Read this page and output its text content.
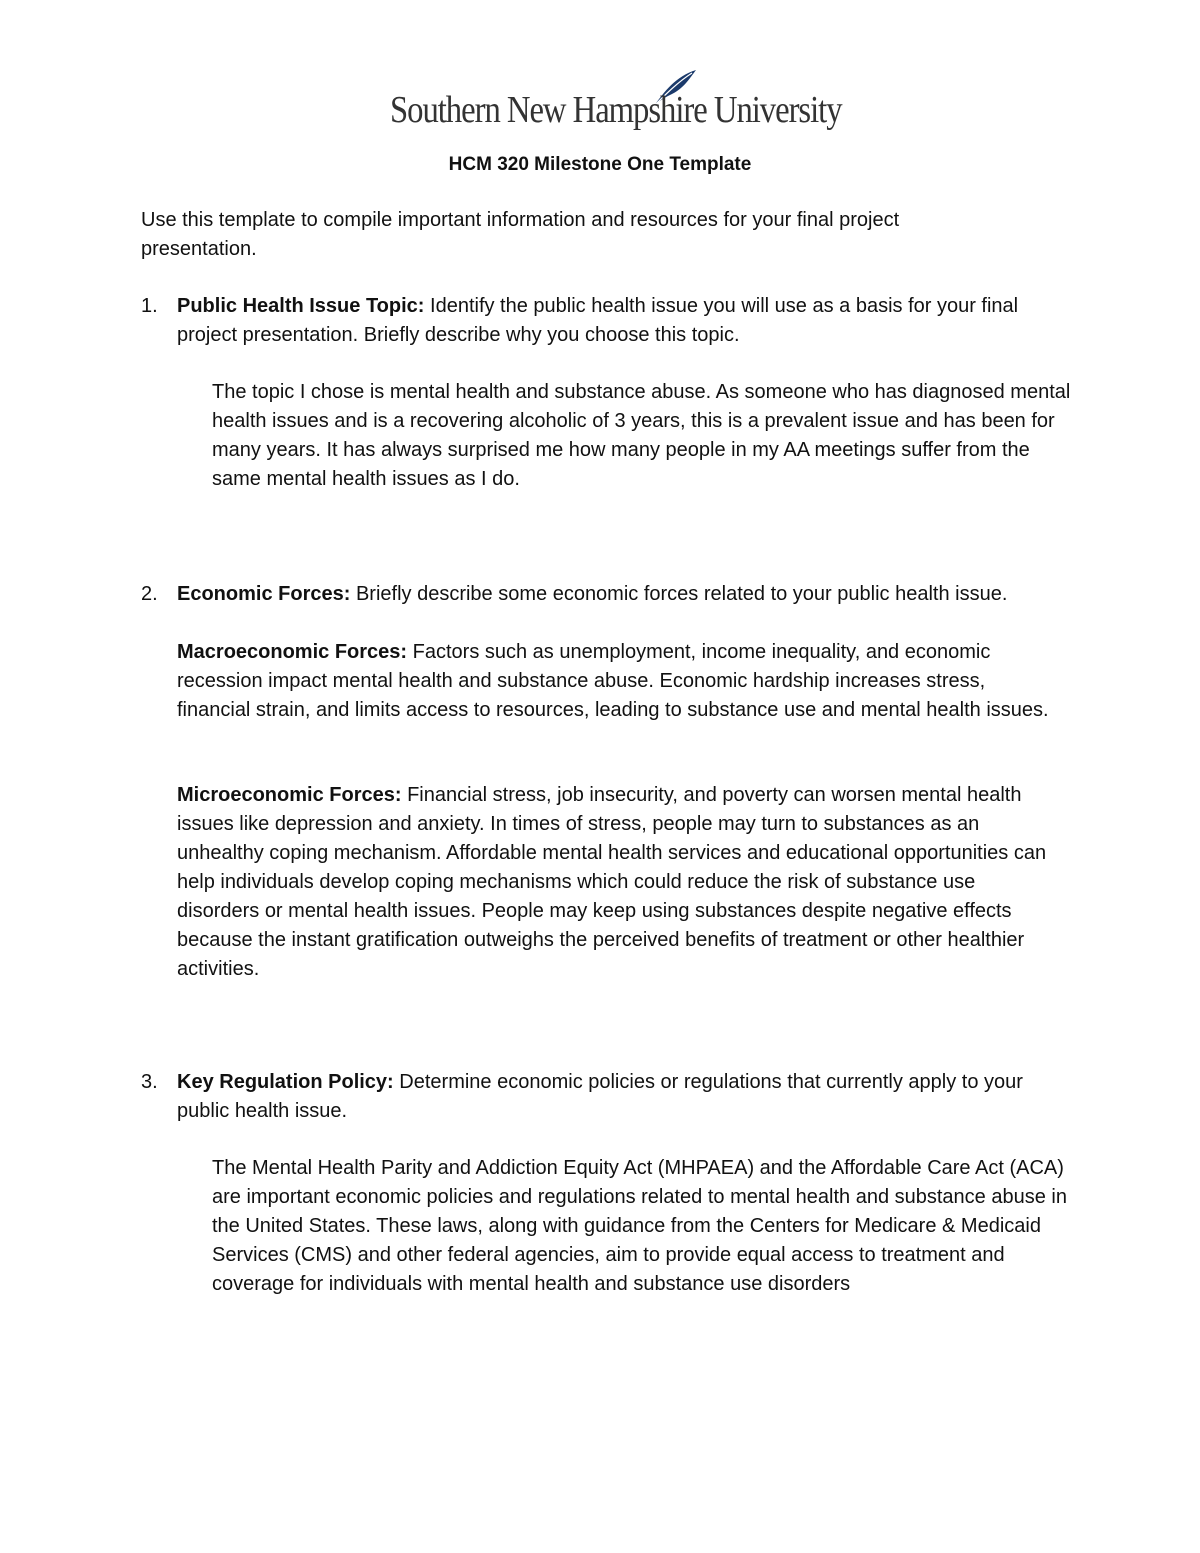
Southern New Hampshire University
HCM 320 Milestone One Template

Use this template to compile important information and resources for your final project presentation.

1. Public Health Issue Topic: Identify the public health issue you will use as a basis for your final project presentation. Briefly describe why you choose this topic.
The topic I chose is mental health and substance abuse. As someone who has diagnosed mental health issues and is a recovering alcoholic of 3 years, this is a prevalent issue and has been for many years. It has always surprised me how many people in my AA meetings suffer from the same mental health issues as I do.
2. Economic Forces: Briefly describe some economic forces related to your public health issue.
Macroeconomic Forces: Factors such as unemployment, income inequality, and economic recession impact mental health and substance abuse. Economic hardship increases stress, financial strain, and limits access to resources, leading to substance use and mental health issues.
Microeconomic Forces: Financial stress, job insecurity, and poverty can worsen mental health issues like depression and anxiety. In times of stress, people may turn to substances as an unhealthy coping mechanism. Affordable mental health services and educational opportunities can help individuals develop coping mechanisms which could reduce the risk of substance use disorders or mental health issues. People may keep using substances despite negative effects because the instant gratification outweighs the perceived benefits of treatment or other healthier activities.
3. Key Regulation Policy: Determine economic policies or regulations that currently apply to your public health issue.
The Mental Health Parity and Addiction Equity Act (MHPAEA) and the Affordable Care Act (ACA) are important economic policies and regulations related to mental health and substance abuse in the United States. These laws, along with guidance from the Centers for Medicare & Medicaid Services (CMS) and other federal agencies, aim to provide equal access to treatment and coverage for individuals with mental health and substance use disorders
